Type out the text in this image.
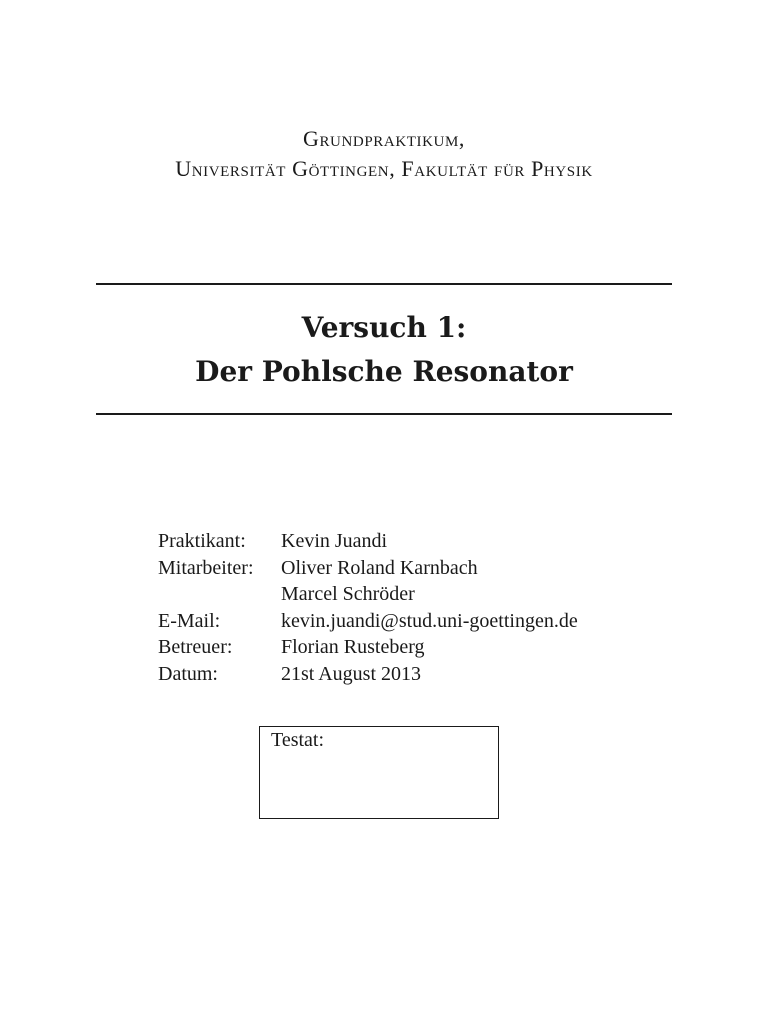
Grundpraktikum,
Universität Göttingen, Fakultät für Physik
Versuch 1:
Der Pohlsche Resonator
Praktikant:	Kevin Juandi
Mitarbeiter:	Oliver Roland Karnbach
Marcel Schröder
E-Mail:	kevin.juandi@stud.uni-goettingen.de
Betreuer:	Florian Rusteberg
Datum:	21st August 2013
Testat:
